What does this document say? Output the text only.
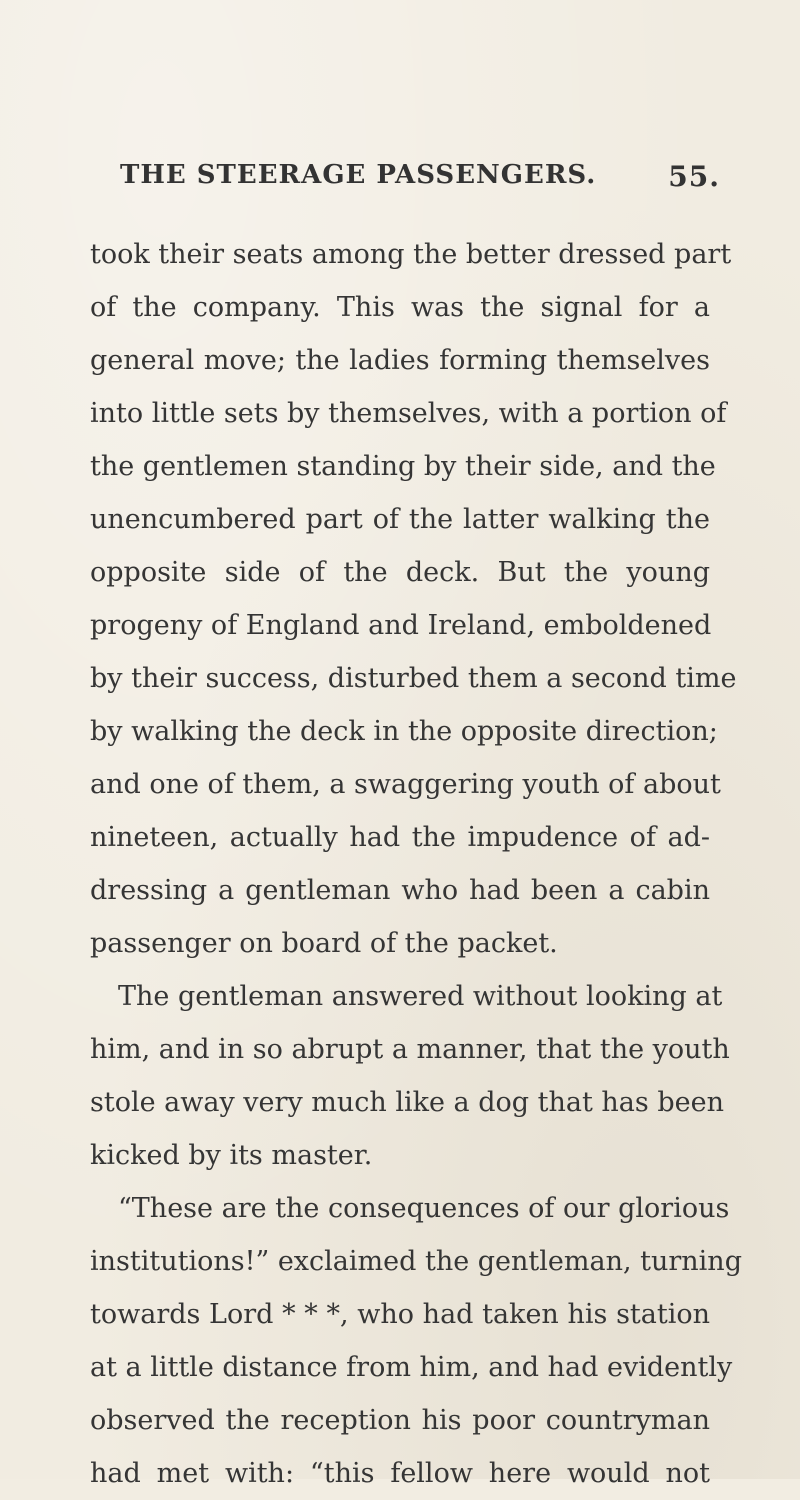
THE STEERAGE PASSENGERS.	55.
took their seats among the better dressed part
of the company. This was the signal for a
general move; the ladies forming themselves
into little sets by themselves, with a portion of
the gentlemen standing by their side, and the
unencumbered part of the latter walking the
opposite side of the deck. But the young
progeny of England and Ireland, emboldened
by their success, disturbed them a second time
by walking the deck in the opposite direction;
and one of them, a swaggering youth of about
nineteen, actually had the impudence of ad-
dressing a gentleman who had been a cabin
passenger on board of the packet.
The gentleman answered without looking at
him, and in so abrupt a manner, that the youth
stole away very much like a dog that has been
kicked by its master.
“These are the consequences of our glorious
institutions!” exclaimed the gentleman, turning
towards Lord * * *, who had taken his station
at a little distance from him, and had evidently
observed the reception his poor countryman
had met with: “this fellow here would not
